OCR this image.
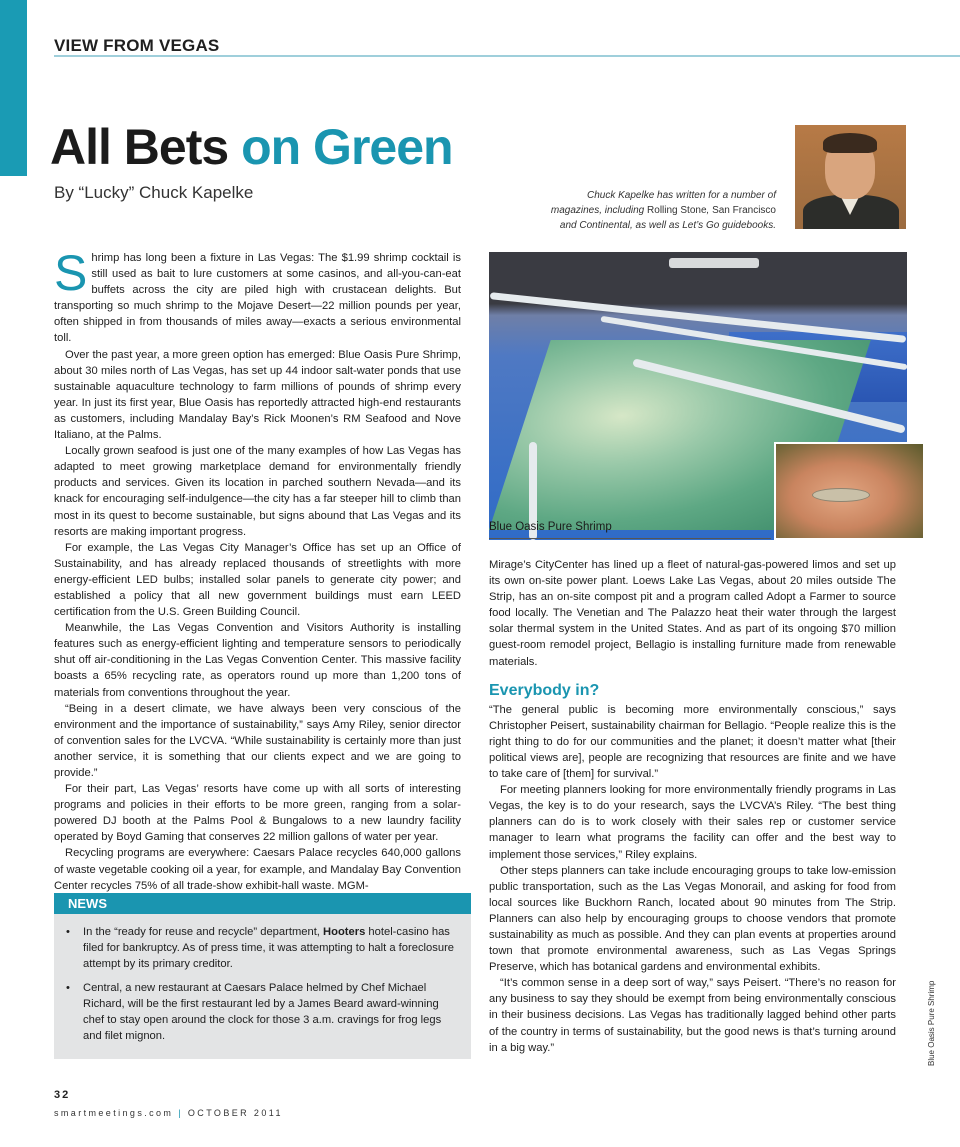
VIEW FROM VEGAS
All Bets on Green
By “Lucky” Chuck Kapelke	Chuck Kapelke has written for a number of magazines, including Rolling Stone, San Francisco and Continental, as well as Let’s Go guidebooks.

Shrimp has long been a fixture in Las Vegas: The $1.99 shrimp cocktail is still used as bait to lure customers at some casinos, and all-you-can-eat buffets across the city are piled high with crustacean delights. But transporting so much shrimp to the Mojave Desert—22 million pounds per year, often shipped in from thousands of miles away—exacts a serious environmental toll.

Over the past year, a more green option has emerged: Blue Oasis Pure Shrimp, about 30 miles north of Las Vegas, has set up 44 indoor salt-water ponds that use sustainable aquaculture technology to farm millions of pounds of shrimp every year. In just its first year, Blue Oasis has reportedly attracted high-end restaurants as customers, including Mandalay Bay’s Rick Moonen’s RM Seafood and Nove Italiano, at the Palms.

Locally grown seafood is just one of the many examples of how Las Vegas has adapted to meet growing marketplace demand for environmentally friendly products and services. Given its location in parched southern Nevada—and its knack for encouraging self-indulgence—the city has a far steeper hill to climb than most in its quest to become sustainable, but signs abound that Las Vegas and its resorts are making important progress.

For example, the Las Vegas City Manager’s Office has set up an Office of Sustainability, and has already replaced thousands of streetlights with more energy-efficient LED bulbs; installed solar panels to generate city power; and established a policy that all new government buildings must earn LEED certification from the U.S. Green Building Council.

Meanwhile, the Las Vegas Convention and Visitors Authority is installing features such as energy-efficient lighting and temperature sensors to periodically shut off air-conditioning in the Las Vegas Convention Center. This massive facility boasts a 65% recycling rate, as operators round up more than 1,200 tons of materials from conventions throughout the year.

“Being in a desert climate, we have always been very conscious of the environment and the importance of sustainability,” says Amy Riley, senior director of convention sales for the LVCVA. “While sustainability is certainly more than just another service, it is something that our clients expect and we are going to provide.”

For their part, Las Vegas’ resorts have come up with all sorts of interesting programs and policies in their efforts to be more green, ranging from a solar-powered DJ booth at the Palms Pool & Bungalows to a new laundry facility operated by Boyd Gaming that conserves 22 million gallons of water per year.

Recycling programs are everywhere: Caesars Palace recycles 640,000 gallons of waste vegetable cooking oil a year, for example, and Mandalay Bay Convention Center recycles 75% of all trade-show exhibit-hall waste. MGM-

Blue Oasis Pure Shrimp

Mirage’s CityCenter has lined up a fleet of natural-gas-powered limos and set up its own on-site power plant. Loews Lake Las Vegas, about 20 miles outside The Strip, has an on-site compost pit and a program called Adopt a Farmer to source food locally. The Venetian and The Palazzo heat their water through the largest solar thermal system in the United States. And as part of its ongoing $70 million guest-room remodel project, Bellagio is installing furniture made from renewable materials.

Everybody in?

“The general public is becoming more environmentally conscious,” says Christopher Peisert, sustainability chairman for Bellagio. “People realize this is the right thing to do for our communities and the planet; it doesn’t matter what [their political views are], people are recognizing that resources are finite and we have to take care of [them] for survival.”

For meeting planners looking for more environmentally friendly programs in Las Vegas, the key is to do your research, says the LVCVA’s Riley. “The best thing planners can do is to work closely with their sales rep or customer service manager to learn what programs the facility can offer and the best way to implement those services,” Riley explains.

Other steps planners can take include encouraging groups to take low-emission public transportation, such as the Las Vegas Monorail, and asking for food from local sources like Buckhorn Ranch, located about 90 minutes from The Strip. Planners can also help by encouraging groups to choose vendors that promote sustainability as much as possible. And they can plan events at properties around town that promote environmental awareness, such as Las Vegas Springs Preserve, which has botanical gardens and environmental exhibits.

“It’s common sense in a deep sort of way,” says Peisert. “There’s no reason for any business to say they should be exempt from being environmentally conscious in their business decisions. Las Vegas has traditionally lagged behind other parts of the country in terms of sustainability, but the good news is that’s turning around in a big way.”

NEWS
• In the “ready for reuse and recycle” department, Hooters hotel-casino has filed for bankruptcy. As of press time, it was attempting to halt a foreclosure attempt by its primary creditor.
• Central, a new restaurant at Caesars Palace helmed by Chef Michael Richard, will be the first restaurant led by a James Beard award-winning chef to stay open around the clock for those 3 a.m. cravings for frog legs and filet mignon.	Blue Oasis Pure Shrimp
32
smartmeetings.com | OCTOBER 2011
